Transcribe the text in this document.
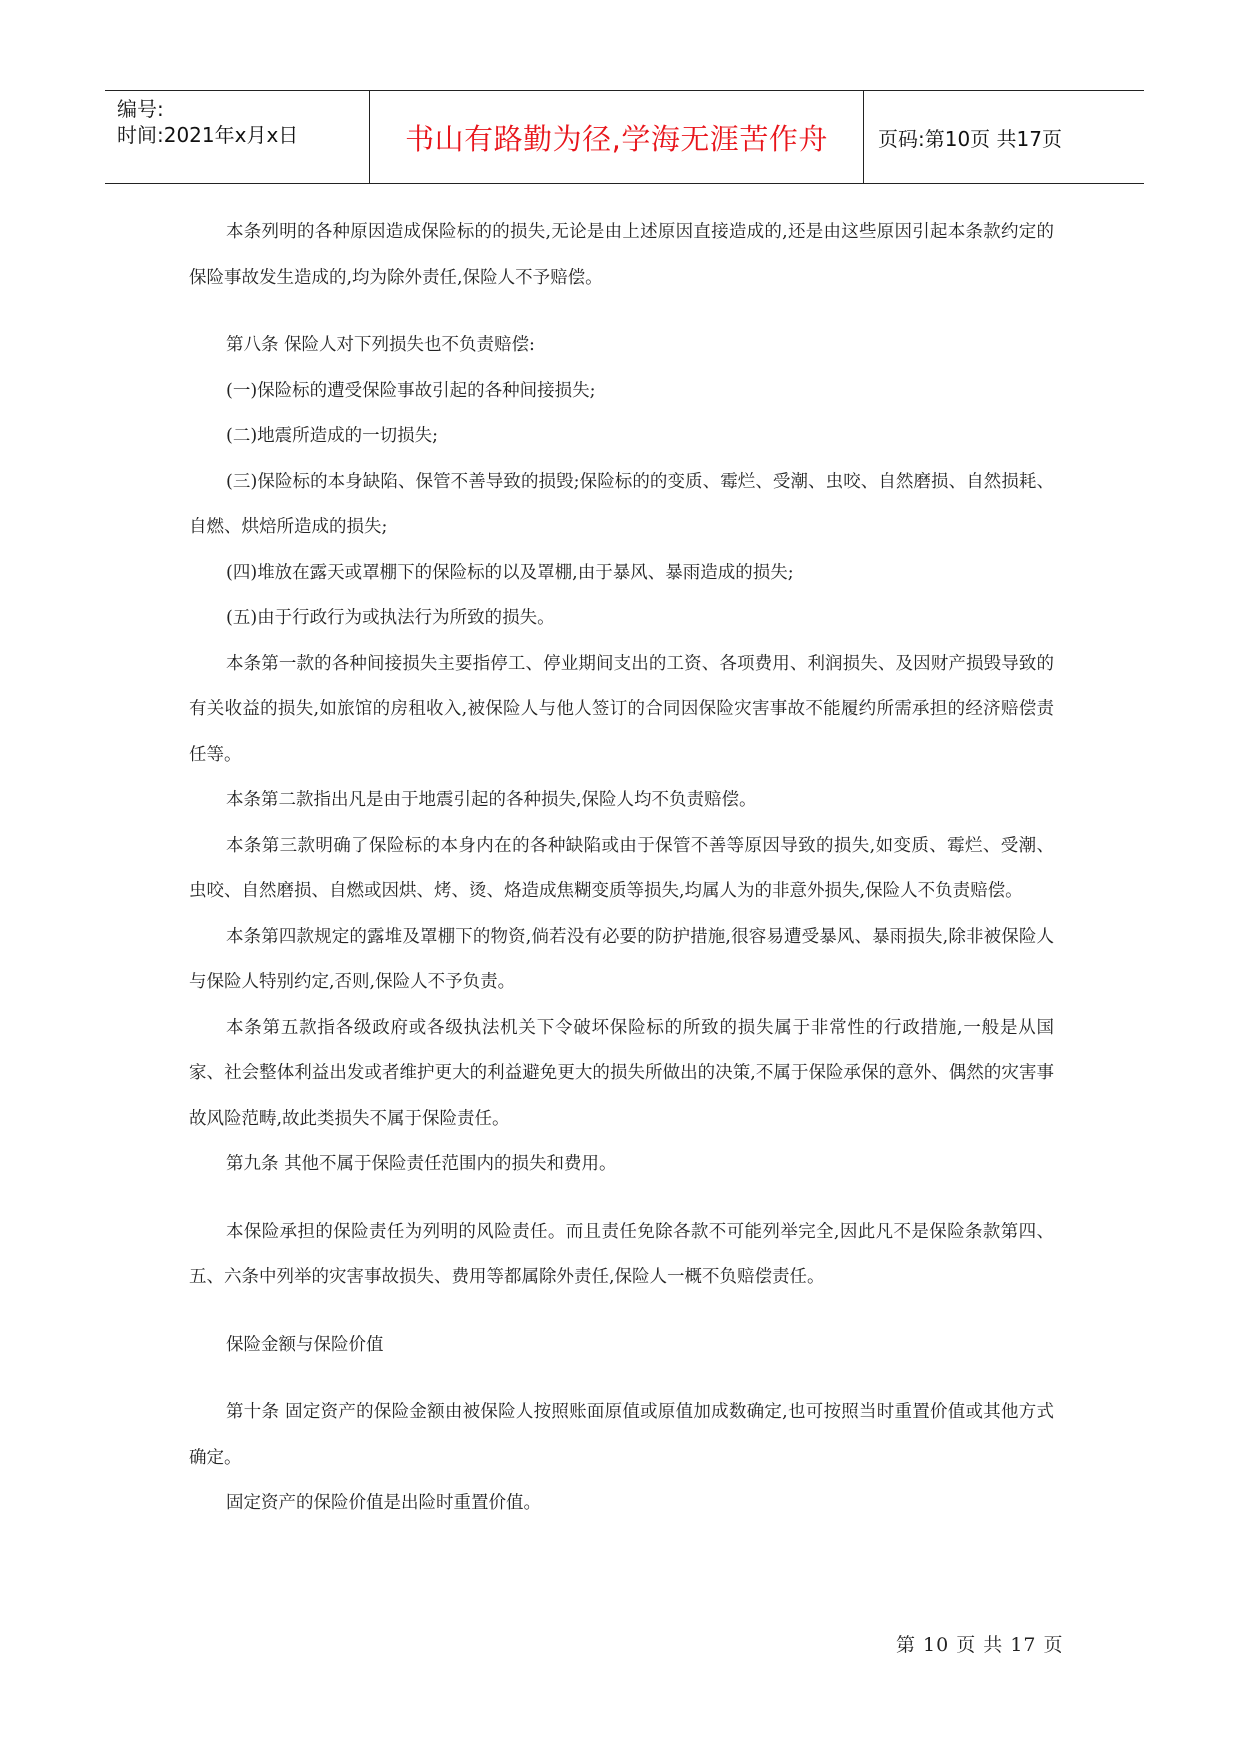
编号:
时间:2021年x月x日	书山有路勤为径,学海无涯苦作舟	页码:第10页 共17页

本条列明的各种原因造成保险标的的损失,无论是由上述原因直接造成的,还是由这些原因引起本条款约定的保险事故发生造成的,均为除外责任,保险人不予赔偿。

第八条 保险人对下列损失也不负责赔偿:

(一)保险标的遭受保险事故引起的各种间接损失;

(二)地震所造成的一切损失;

(三)保险标的本身缺陷、保管不善导致的损毁;保险标的的变质、霉烂、受潮、虫咬、自然磨损、自然损耗、自燃、烘焙所造成的损失;

(四)堆放在露天或罩棚下的保险标的以及罩棚,由于暴风、暴雨造成的损失;

(五)由于行政行为或执法行为所致的损失。

本条第一款的各种间接损失主要指停工、停业期间支出的工资、各项费用、利润损失、及因财产损毁导致的有关收益的损失,如旅馆的房租收入,被保险人与他人签订的合同因保险灾害事故不能履约所需承担的经济赔偿责任等。

本条第二款指出凡是由于地震引起的各种损失,保险人均不负责赔偿。

本条第三款明确了保险标的本身内在的各种缺陷或由于保管不善等原因导致的损失,如变质、霉烂、受潮、虫咬、自然磨损、自燃或因烘、烤、烫、烙造成焦糊变质等损失,均属人为的非意外损失,保险人不负责赔偿。

本条第四款规定的露堆及罩棚下的物资,倘若没有必要的防护措施,很容易遭受暴风、暴雨损失,除非被保险人与保险人特别约定,否则,保险人不予负责。

本条第五款指各级政府或各级执法机关下令破坏保险标的所致的损失属于非常性的行政措施,一般是从国家、社会整体利益出发或者维护更大的利益避免更大的损失所做出的决策,不属于保险承保的意外、偶然的灾害事故风险范畴,故此类损失不属于保险责任。

第九条 其他不属于保险责任范围内的损失和费用。

本保险承担的保险责任为列明的风险责任。而且责任免除各款不可能列举完全,因此凡不是保险条款第四、五、六条中列举的灾害事故损失、费用等都属除外责任,保险人一概不负赔偿责任。

保险金额与保险价值

第十条 固定资产的保险金额由被保险人按照账面原值或原值加成数确定,也可按照当时重置价值或其他方式确定。

固定资产的保险价值是出险时重置价值。

第 10 页 共 17 页
